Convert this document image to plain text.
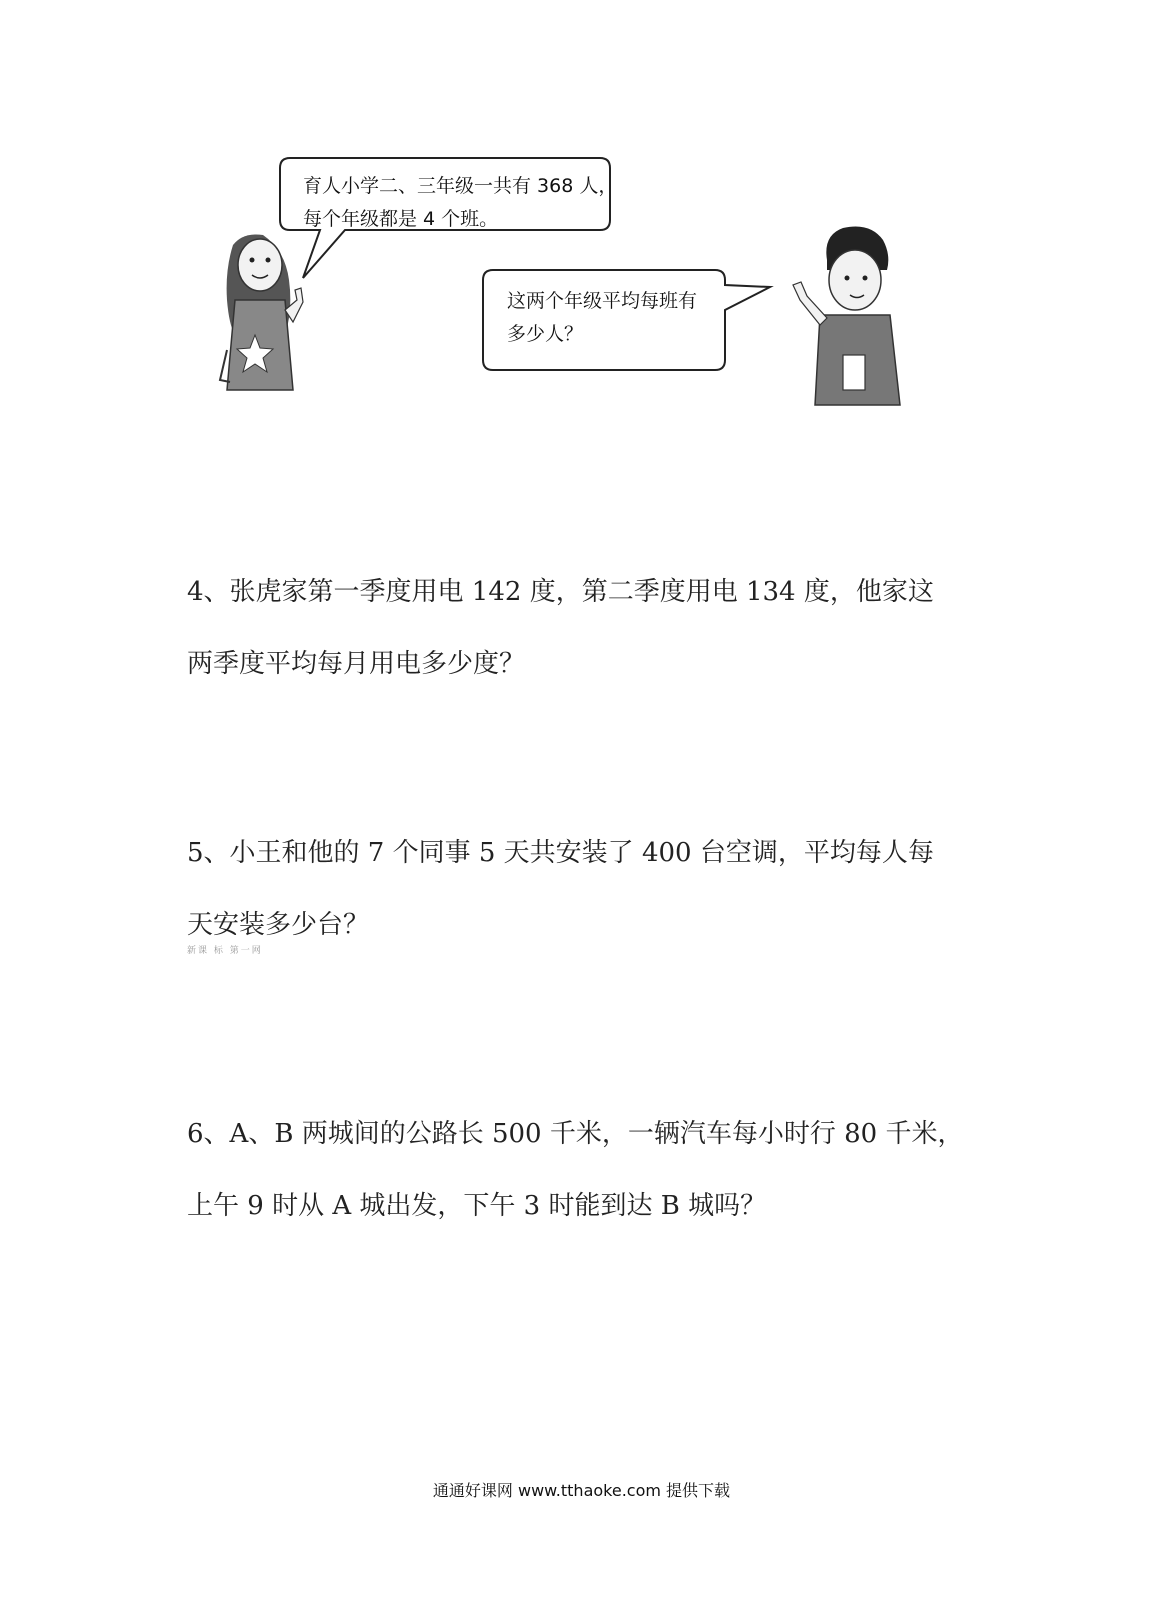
育人小学二、三年级一共有 368 人，
每个年级都是 4 个班。
这两个年级平均每班有
多少人？
4、张虎家第一季度用电 142 度，第二季度用电 134 度，他家这
两季度平均每月用电多少度？
5、小王和他的 7 个同事 5 天共安装了 400 台空调，平均每人每
天安装多少台？
新课 标 第一网
6、A、B 两城间的公路长 500 千米，一辆汽车每小时行 80 千米，
上午 9 时从 A 城出发，下午 3 时能到达 B 城吗？
通通好课网 www.tthaoke.com 提供下载
